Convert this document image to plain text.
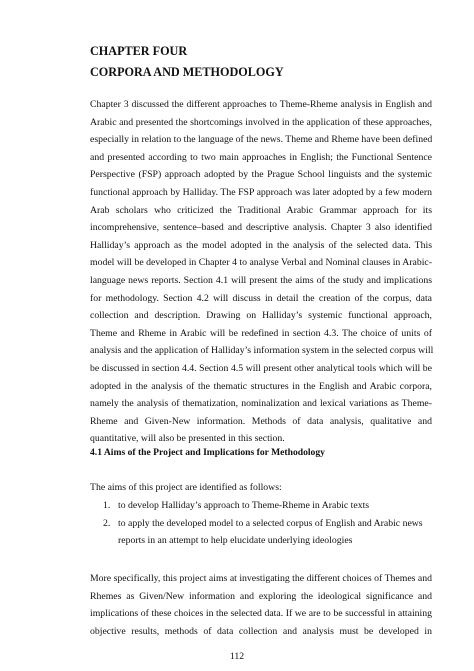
CHAPTER FOUR
CORPORA AND METHODOLOGY
Chapter 3 discussed the different approaches to Theme-Rheme analysis in English and
Arabic and presented the shortcomings involved in the application of these approaches,
especially in relation to the language of the news. Theme and Rheme have been defined
and presented according to two main approaches in English; the Functional Sentence
Perspective (FSP) approach adopted by the Prague School linguists and the systemic
functional approach by Halliday. The FSP approach was later adopted by a few modern
Arab scholars who criticized the Traditional Arabic Grammar approach for its
incomprehensive, sentence–based and descriptive analysis. Chapter 3 also identified
Halliday’s approach as the model adopted in the analysis of the selected data. This
model will be developed in Chapter 4 to analyse Verbal and Nominal clauses in Arabic-
language news reports. Section 4.1 will present the aims of the study and implications
for methodology. Section 4.2 will discuss in detail the creation of the corpus, data
collection and description. Drawing on Halliday’s systemic functional approach,
Theme and Rheme in Arabic will be redefined in section 4.3. The choice of units of
analysis and the application of Halliday’s information system in the selected corpus will
be discussed in section 4.4. Section 4.5 will present other analytical tools which will be
adopted in the analysis of the thematic structures in the English and Arabic corpora,
namely the analysis of thematization, nominalization and lexical variations as Theme-
Rheme and Given-New information. Methods of data analysis, qualitative and
quantitative, will also be presented in this section.
4.1 Aims of the Project and Implications for Methodology
The aims of this project are identified as follows:
1. to develop Halliday’s approach to Theme-Rheme in Arabic texts
2. to apply the developed model to a selected corpus of English and Arabic news
reports in an attempt to help elucidate underlying ideologies
More specifically, this project aims at investigating the different choices of Themes and
Rhemes as Given/New information and exploring the ideological significance and
implications of these choices in the selected data. If we are to be successful in attaining
objective results, methods of data collection and analysis must be developed in
112
